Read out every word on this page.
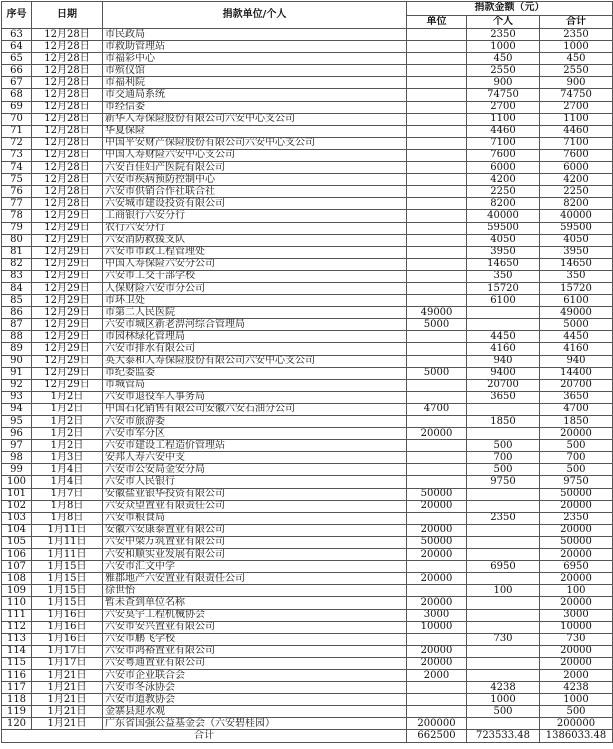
序号	日期	捐款单位/个人	捐款金额（元）		
			单位	个人	合计
63	12月28日	市民政局		2350	2350
64	12月28日	市救助管理站		1000	1000
65	12月28日	市福彩中心		450	450
66	12月28日	市殡仪馆		2550	2550
67	12月28日	市福利院		900	900
68	12月28日	市交通局系统		74750	74750
69	12月28日	市经信委		2700	2700
70	12月28日	新华人寿保险股份有限公司六安中心支公司		1100	1100
71	12月28日	华夏保险		4460	4460
72	12月28日	中国平安财产保险股份有限公司六安中心支公司		7100	7100
73	12月28日	中国人寿财险六安中心支公司		7600	7600
74	12月28日	六安百佳妇产医院有限公司		6000	6000
75	12月28日	六安市疾病预防控制中心		4200	4200
76	12月28日	六安市供销合作社联合社		2250	2250
77	12月28日	六安城市建设投资有限公司		8200	8200
78	12月29日	工商银行六安分行		40000	40000
79	12月29日	农行六安分行		59500	59500
80	12月29日	六安消防救援支队		4050	4050
81	12月29日	六安市市政工程管理处		3950	3950
82	12月29日	中国人寿保险六安分公司		14650	14650
83	12月29日	六安市工交干部学校		350	350
84	12月29日	人保财险六安市分公司		15720	15720
85	12月29日	市环卫处		6100	6100
86	12月29日	市第二人民医院	49000		49000
87	12月29日	六安市城区新老淠河综合管理局	5000		5000
88	12月29日	市园林绿化管理局		4450	4450
89	12月29日	六安市排水有限公司		4160	4160
90	12月29日	英大泰和人寿保险股份有限公司六安中心支公司		940	940
91	12月29日	市纪委监委	5000	9400	14400
92	12月29日	市城管局		20700	20700
93	1月2日	六安市退役军人事务局		3650	3650
94	1月2日	中国石化销售有限公司安徽六安石油分公司	4700		4700
95	1月2日	六安市旅游委		1850	1850
96	1月2日	六安市军分区	20000		20000
97	1月2日	六安市建设工程造价管理站		500	500
98	1月3日	安邦人寿六安中支		700	700
99	1月4日	六安市公安局金安分局		500	500
100	1月4日	六安市人民银行		9750	9750
101	1月7日	安徽盐业银华投资有限公司	50000		50000
102	1月8日	六安众望置业有限责任公司	20000		20000
103	1月8日	六安市粮食局		2350	2350
104	1月11日	安徽六安康泰置业有限公司	20000		20000
105	1月11日	六安中梁万筑置业有限公司	50000		50000
106	1月11日	六安和顺实业发展有限公司	20000		20000
107	1月15日	六安市汇文中学		6950	6950
108	1月15日	雅郡地产六安置业有限责任公司	20000		20000
109	1月15日	徐世怡		100	100
110	1月15日	暂未查到单位名称	20000		20000
111	1月16日	六安莫宇工程机械协会	3000		3000
112	1月16日	六安市安兴置业有限公司	10000		10000
113	1月16日	六安市鹏飞学校		730	730
114	1月17日	六安市鸿裕置业有限公司	20000		20000
115	1月17日	六安粤通置业有限公司	20000		20000
116	1月21日	六安市企业联合会	2000		2000
117	1月21日	六安市冬泳协会		4238	4238
118	1月21日	六安市道教协会		1000	1000
119	1月21日	金寨县迎水观		500	500
120	1月21日	广东省国强公益基金会（六安碧桂园）	200000		200000
合计			662500	723533.48	1386033.48
